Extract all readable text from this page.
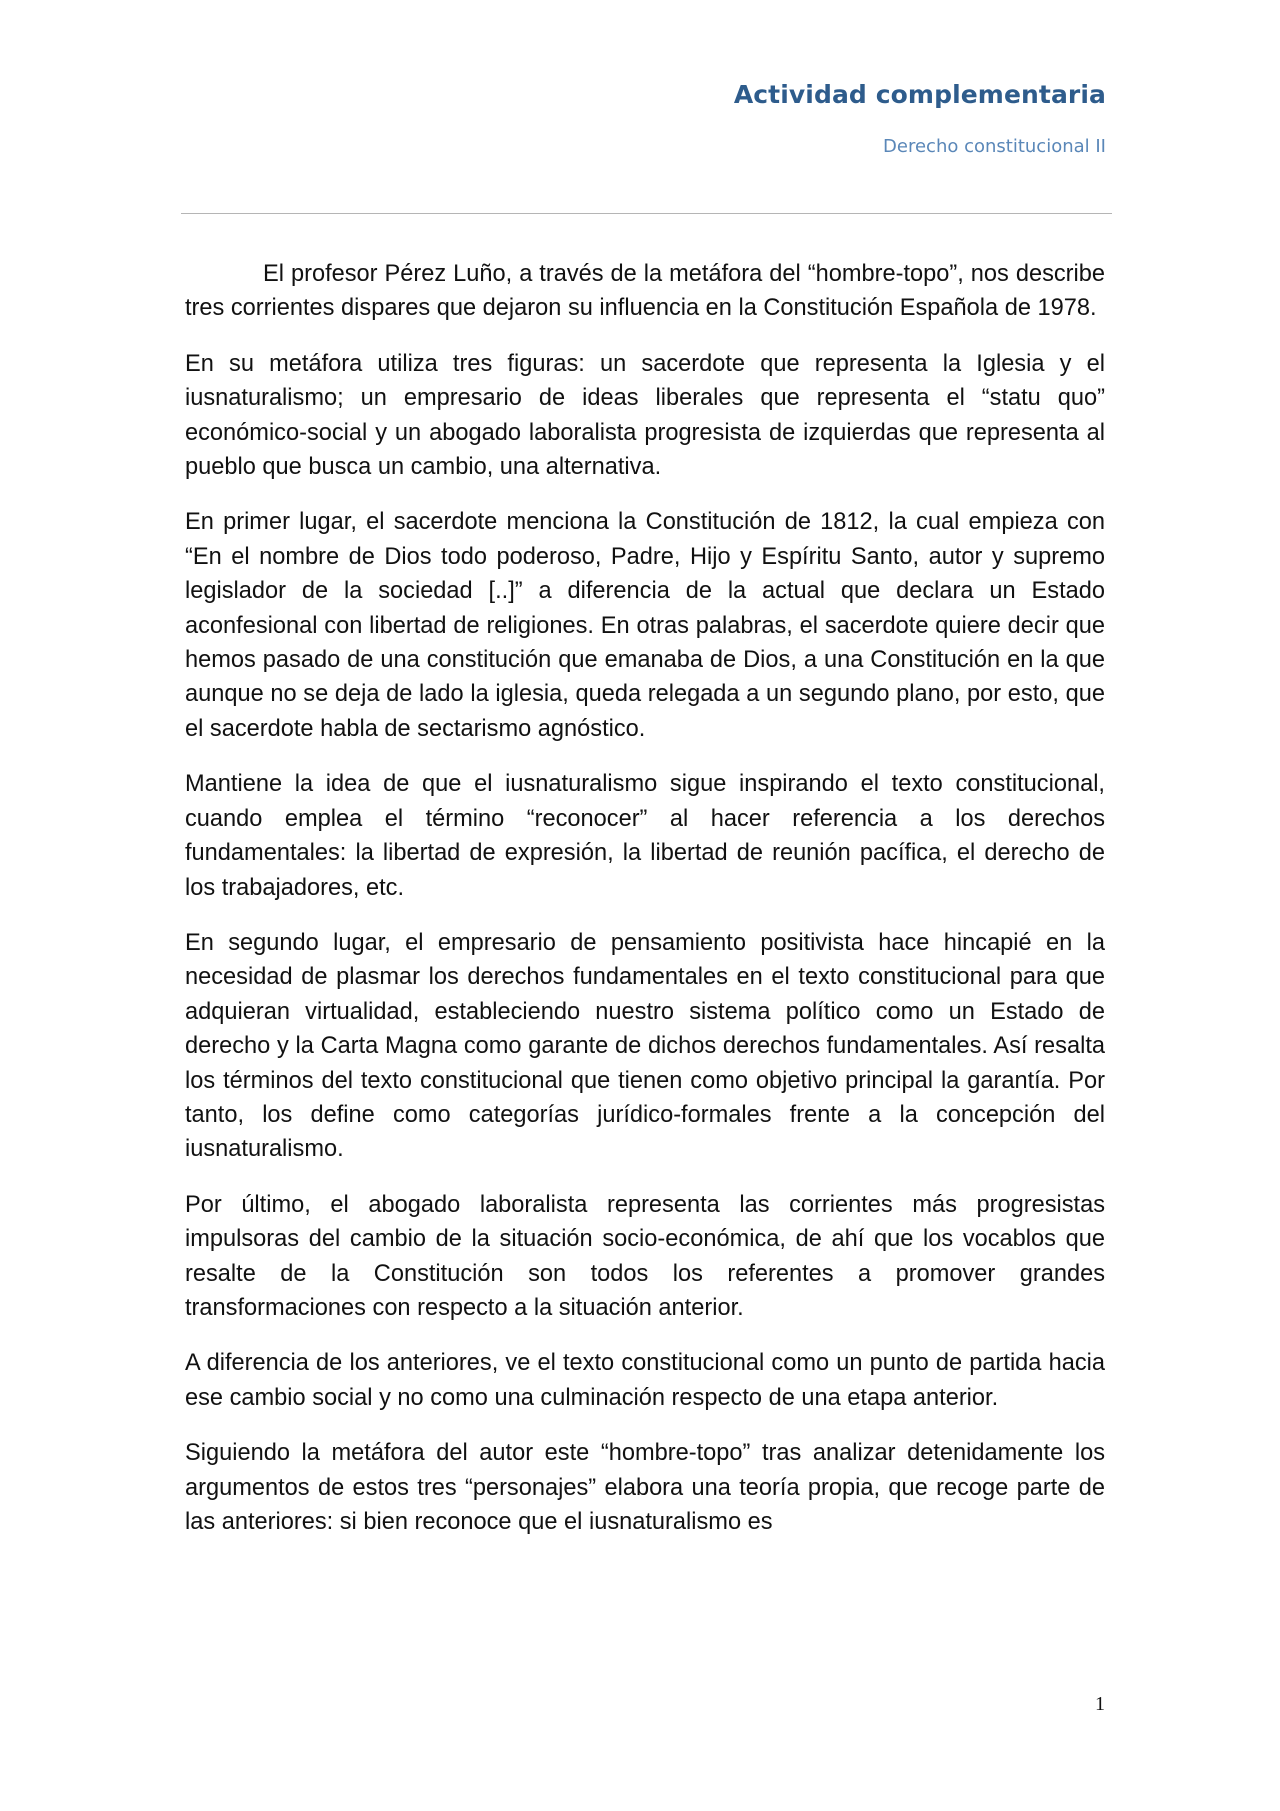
Actividad complementaria
Derecho constitucional II

El profesor Pérez Luño, a través de la metáfora del “hombre-topo”, nos describe tres corrientes dispares que dejaron su influencia en la Constitución Española de 1978.

En su metáfora utiliza tres figuras: un sacerdote que representa la Iglesia y el iusnaturalismo; un empresario de ideas liberales que representa el “statu quo” económico-social y un abogado laboralista progresista de izquierdas que representa al pueblo que busca un cambio, una alternativa.

En primer lugar, el sacerdote menciona la Constitución de 1812, la cual empieza con “En el nombre de Dios todo poderoso, Padre, Hijo y Espíritu Santo, autor y supremo legislador de la sociedad [..]” a diferencia de la actual que declara un Estado aconfesional con libertad de religiones. En otras palabras, el sacerdote quiere decir que hemos pasado de una constitución que emanaba de Dios, a una Constitución en la que aunque no se deja de lado la iglesia, queda relegada a un segundo plano, por esto, que el sacerdote habla de sectarismo agnóstico.

Mantiene la idea de que el iusnaturalismo sigue inspirando el texto constitucional, cuando emplea el término “reconocer” al hacer referencia a los derechos fundamentales: la libertad de expresión, la libertad de reunión pacífica, el derecho de los trabajadores, etc.

En segundo lugar, el empresario de pensamiento positivista hace hincapié en la necesidad de plasmar los derechos fundamentales en el texto constitucional para que adquieran virtualidad, estableciendo nuestro sistema político como un Estado de derecho y la Carta Magna como garante de dichos derechos fundamentales. Así resalta los términos del texto constitucional que tienen como objetivo principal la garantía. Por tanto, los define como categorías jurídico-formales frente a la concepción del iusnaturalismo.

Por último, el abogado laboralista representa las corrientes más progresistas impulsoras del cambio de la situación socio-económica, de ahí que los vocablos que resalte de la Constitución son todos los referentes a promover grandes transformaciones con respecto a la situación anterior.

A diferencia de los anteriores, ve el texto constitucional como un punto de partida hacia ese cambio social y no como una culminación respecto de una etapa anterior.

Siguiendo la metáfora del autor este “hombre-topo” tras analizar detenidamente los argumentos de estos tres “personajes” elabora una teoría propia, que recoge parte de las anteriores: si bien reconoce que el iusnaturalismo es

1
